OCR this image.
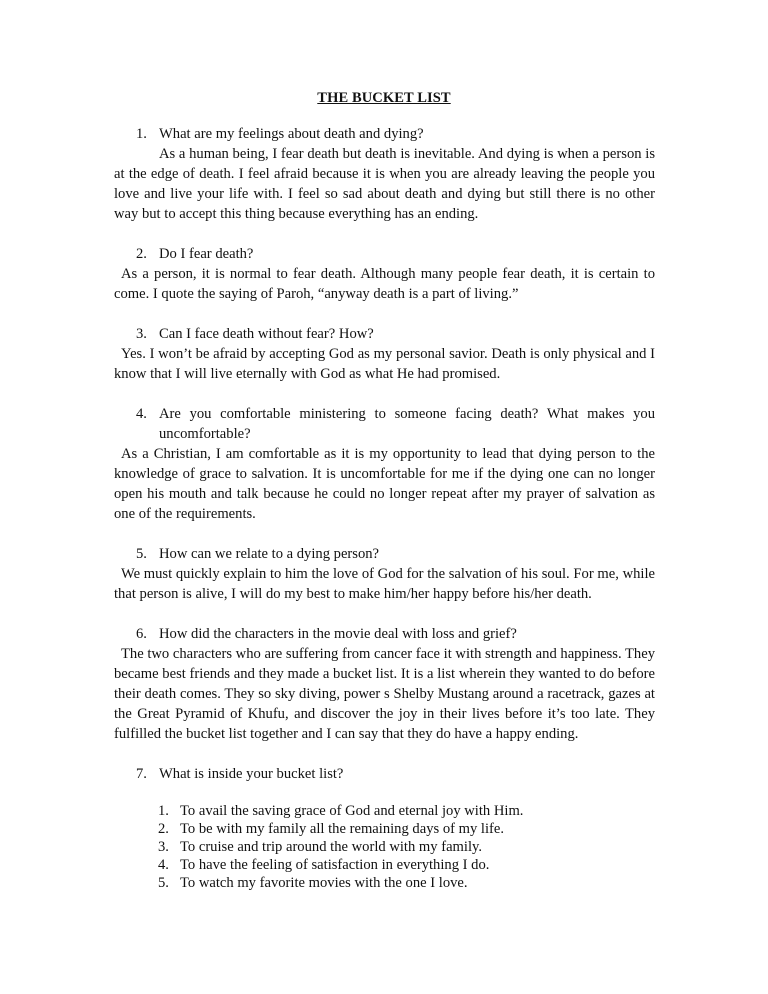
THE BUCKET LIST
1. What are my feelings about death and dying?
As a human being, I fear death but death is inevitable. And dying is when a person is at the edge of death. I feel afraid because it is when you are already leaving the people you love and live your life with. I feel so sad about death and dying but still there is no other way but to accept this thing because everything has an ending.
2. Do I fear death?
As a person, it is normal to fear death. Although many people fear death, it is certain to come. I quote the saying of Paroh, “anyway death is a part of living.”
3. Can I face death without fear? How?
Yes. I won’t be afraid by accepting God as my personal savior. Death is only physical and I know that I will live eternally with God as what He had promised.
4. Are you comfortable ministering to someone facing death? What makes you uncomfortable?
As a Christian, I am comfortable as it is my opportunity to lead that dying person to the knowledge of grace to salvation. It is uncomfortable for me if the dying one can no longer open his mouth and talk because he could no longer repeat after my prayer of salvation as one of the requirements.
5. How can we relate to a dying person?
We must quickly explain to him the love of God for the salvation of his soul. For me, while that person is alive, I will do my best to make him/her happy before his/her death.
6. How did the characters in the movie deal with loss and grief?
The two characters who are suffering from cancer face it with strength and happiness. They became best friends and they made a bucket list. It is a list wherein they wanted to do before their death comes. They so sky diving, power s Shelby Mustang around a racetrack, gazes at the Great Pyramid of Khufu, and discover the joy in their lives before it’s too late. They fulfilled the bucket list together and I can say that they do have a happy ending.
7. What is inside your bucket list?
1. To avail the saving grace of God and eternal joy with Him.
2. To be with my family all the remaining days of my life.
3. To cruise and trip around the world with my family.
4. To have the feeling of satisfaction in everything I do.
5. To watch my favorite movies with the one I love.
